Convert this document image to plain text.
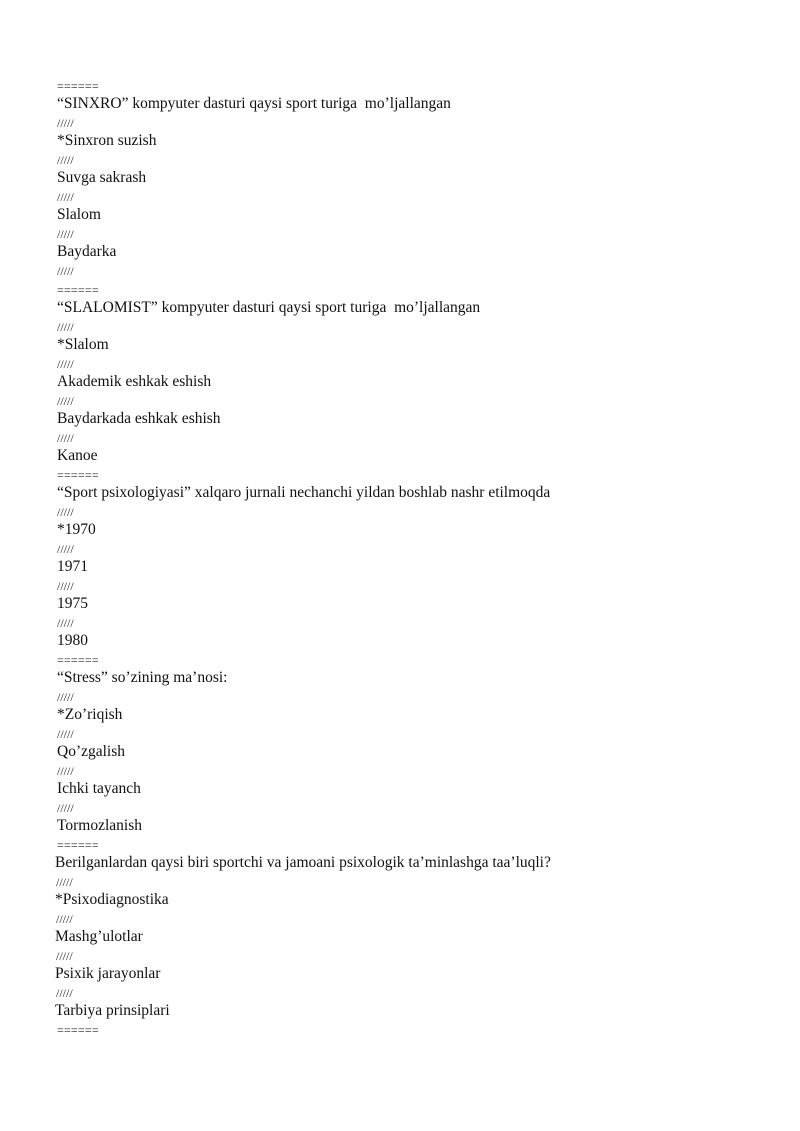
======
“SINXRO” kompyuter dasturi qaysi sport turiga  mo’ljallangan
/////
*Sinxron suzish
/////
Suvga sakrash
/////
Slalom
/////
Baydarka
/////
======
“SLALOMIST” kompyuter dasturi qaysi sport turiga  mo’ljallangan
/////
*Slalom
/////
Akademik eshkak eshish
/////
Baydarkada eshkak eshish
/////
Kanoe
======
“Sport psixologiyasi” xalqaro jurnali nechanchi yildan boshlab nashr etilmoqda
/////
*1970
/////
1971
/////
1975
/////
1980
======
“Stress” so’zining ma’nosi:
/////
*Zo’riqish
/////
Qo’zgalish
/////
Ichki tayanch
/////
Tormozlanish
======
Berilganlardan qaysi biri sportchi va jamoani psixologik ta’minlashga taa’luqli?
/////
*Psixodiagnostika
/////
Mashg’ulotlar
/////
Psixik jarayonlar
/////
Tarbiya prinsiplari
======
